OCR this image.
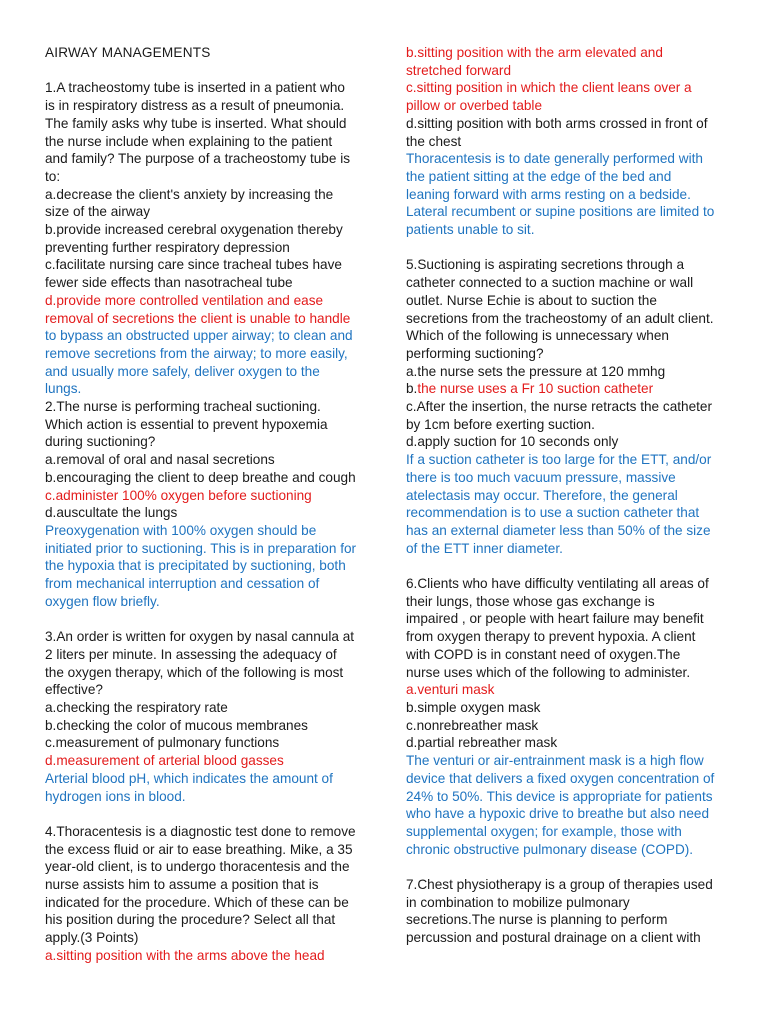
AIRWAY MANAGEMENTS
1.A tracheostomy tube is inserted in a patient who
is in respiratory distress as a result of pneumonia.
The family asks why tube is inserted. What should
the nurse include when explaining to the patient
and family? The purpose of a tracheostomy tube is
to:
a.decrease the client's anxiety by increasing the
size of the airway
b.provide increased cerebral oxygenation thereby
preventing further respiratory depression
c.facilitate nursing care since tracheal tubes have
fewer side effects than nasotracheal tube
d.provide more controlled ventilation and ease
removal of secretions the client is unable to handle
to bypass an obstructed upper airway; to clean and
remove secretions from the airway; to more easily,
and usually more safely, deliver oxygen to the
lungs.
2.The nurse is performing tracheal suctioning.
Which action is essential to prevent hypoxemia
during suctioning?
a.removal of oral and nasal secretions
b.encouraging the client to deep breathe and cough
c.administer 100% oxygen before suctioning
d.auscultate the lungs
Preoxygenation with 100% oxygen should be
initiated prior to suctioning. This is in preparation for
the hypoxia that is precipitated by suctioning, both
from mechanical interruption and cessation of
oxygen flow briefly.
3.An order is written for oxygen by nasal cannula at
2 liters per minute. In assessing the adequacy of
the oxygen therapy, which of the following is most
effective?
a.checking the respiratory rate
b.checking the color of mucous membranes
c.measurement of pulmonary functions
d.measurement of arterial blood gasses
Arterial blood pH, which indicates the amount of
hydrogen ions in blood.
4.Thoracentesis is a diagnostic test done to remove
the excess fluid or air to ease breathing. Mike, a 35
year-old client, is to undergo thoracentesis and the
nurse assists him to assume a position that is
indicated for the procedure. Which of these can be
his position during the procedure? Select all that
apply.(3 Points)
a.sitting position with the arms above the head
b.sitting position with the arm elevated and
stretched forward
c.sitting position in which the client leans over a
pillow or overbed table
d.sitting position with both arms crossed in front of
the chest
Thoracentesis is to date generally performed with
the patient sitting at the edge of the bed and
leaning forward with arms resting on a bedside.
Lateral recumbent or supine positions are limited to
patients unable to sit.
5.Suctioning is aspirating secretions through a
catheter connected to a suction machine or wall
outlet. Nurse Echie is about to suction the
secretions from the tracheostomy of an adult client.
Which of the following is unnecessary when
performing suctioning?
a.the nurse sets the pressure at 120 mmhg
b.the nurse uses a Fr 10 suction catheter
c.After the insertion, the nurse retracts the catheter
by 1cm before exerting suction.
d.apply suction for 10 seconds only
If a suction catheter is too large for the ETT, and/or
there is too much vacuum pressure, massive
atelectasis may occur. Therefore, the general
recommendation is to use a suction catheter that
has an external diameter less than 50% of the size
of the ETT inner diameter.
6.Clients who have difficulty ventilating all areas of
their lungs, those whose gas exchange is
impaired , or people with heart failure may benefit
from oxygen therapy to prevent hypoxia. A client
with COPD is in constant need of oxygen.The
nurse uses which of the following to administer.
a.venturi mask
b.simple oxygen mask
c.nonrebreather mask
d.partial rebreather mask
The venturi or air-entrainment mask is a high flow
device that delivers a fixed oxygen concentration of
24% to 50%. This device is appropriate for patients
who have a hypoxic drive to breathe but also need
supplemental oxygen; for example, those with
chronic obstructive pulmonary disease (COPD).
7.Chest physiotherapy is a group of therapies used
in combination to mobilize pulmonary
secretions.The nurse is planning to perform
percussion and postural drainage on a client with
